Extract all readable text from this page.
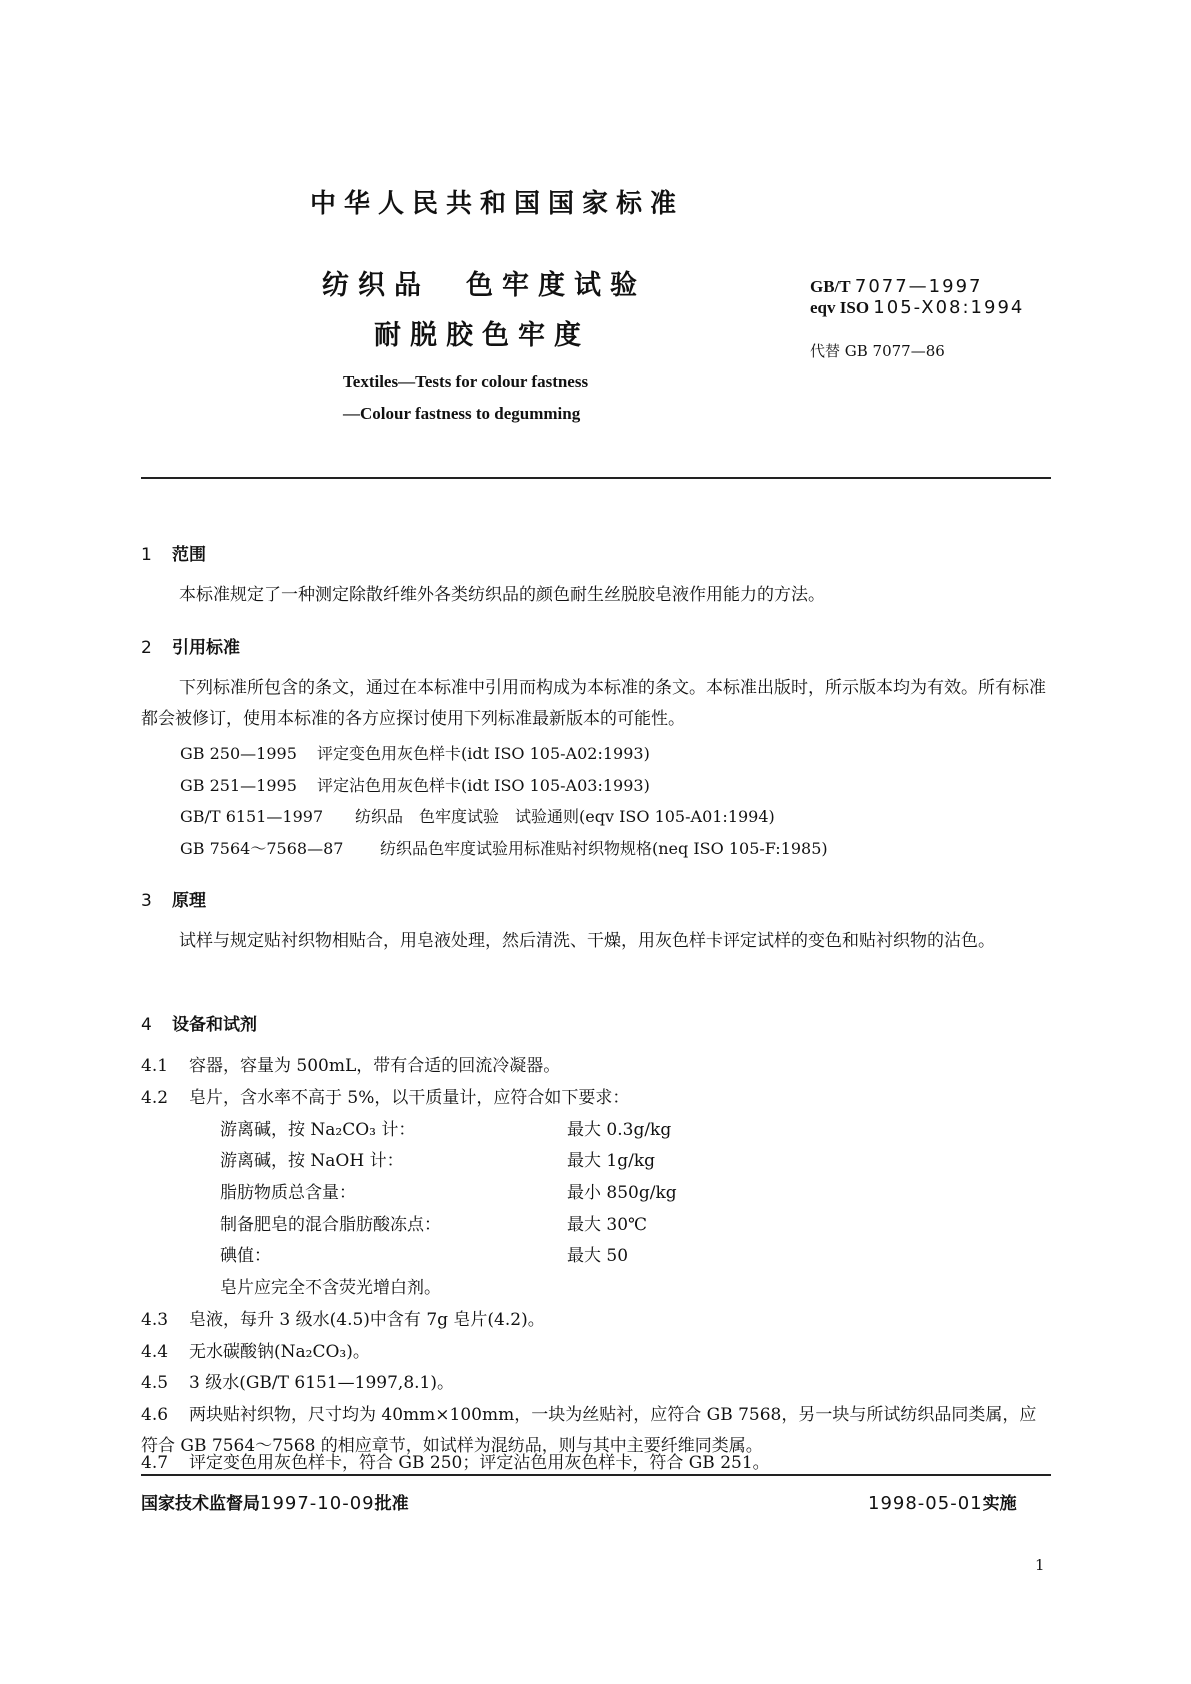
中华人民共和国国家标准
纺织品　色牢度试验
耐脱胶色牢度
Textiles—Tests for colour fastness
—Colour fastness to degumming
GB/T 7077—1997
eqv ISO 105-X08:1994
代替 GB 7077—86
1 范围
本标准规定了一种测定除散纤维外各类纺织品的颜色耐生丝脱胶皂液作用能力的方法。
2 引用标准
下列标准所包含的条文，通过在本标准中引用而构成为本标准的条文。本标准出版时，所示版本均为有效。所有标准都会被修订，使用本标准的各方应探讨使用下列标准最新版本的可能性。
GB 250—1995 评定变色用灰色样卡(idt ISO 105-A02:1993)
GB 251—1995 评定沾色用灰色样卡(idt ISO 105-A03:1993)
GB/T 6151—1997 纺织品　色牢度试验　试验通则(eqv ISO 105-A01:1994)
GB 7564～7568—87 纺织品色牢度试验用标准贴衬织物规格(neq ISO 105-F:1985)
3 原理
试样与规定贴衬织物相贴合，用皂液处理，然后清洗、干燥，用灰色样卡评定试样的变色和贴衬织物的沾色。
4 设备和试剂
4.1 容器，容量为 500mL，带有合适的回流冷凝器。
4.2 皂片，含水率不高于 5%，以干质量计，应符合如下要求：
游离碱，按 Na₂CO₃ 计：	最大 0.3g/kg
游离碱，按 NaOH 计：	最大 1g/kg
脂肪物质总含量：	最小 850g/kg
制备肥皂的混合脂肪酸冻点：	最大 30℃
碘值：	最大 50
皂片应完全不含荧光增白剂。
4.3 皂液，每升 3 级水(4.5)中含有 7g 皂片(4.2)。
4.4 无水碳酸钠(Na₂CO₃)。
4.5 3 级水(GB/T 6151—1997,8.1)。
4.6 两块贴衬织物，尺寸均为 40mm×100mm，一块为丝贴衬，应符合 GB 7568，另一块与所试纺织品同类属，应符合 GB 7564～7568 的相应章节，如试样为混纺品，则与其中主要纤维同类属。
4.7 评定变色用灰色样卡，符合 GB 250；评定沾色用灰色样卡，符合 GB 251。
国家技术监督局1997-10-09批准	1998-05-01实施
1
